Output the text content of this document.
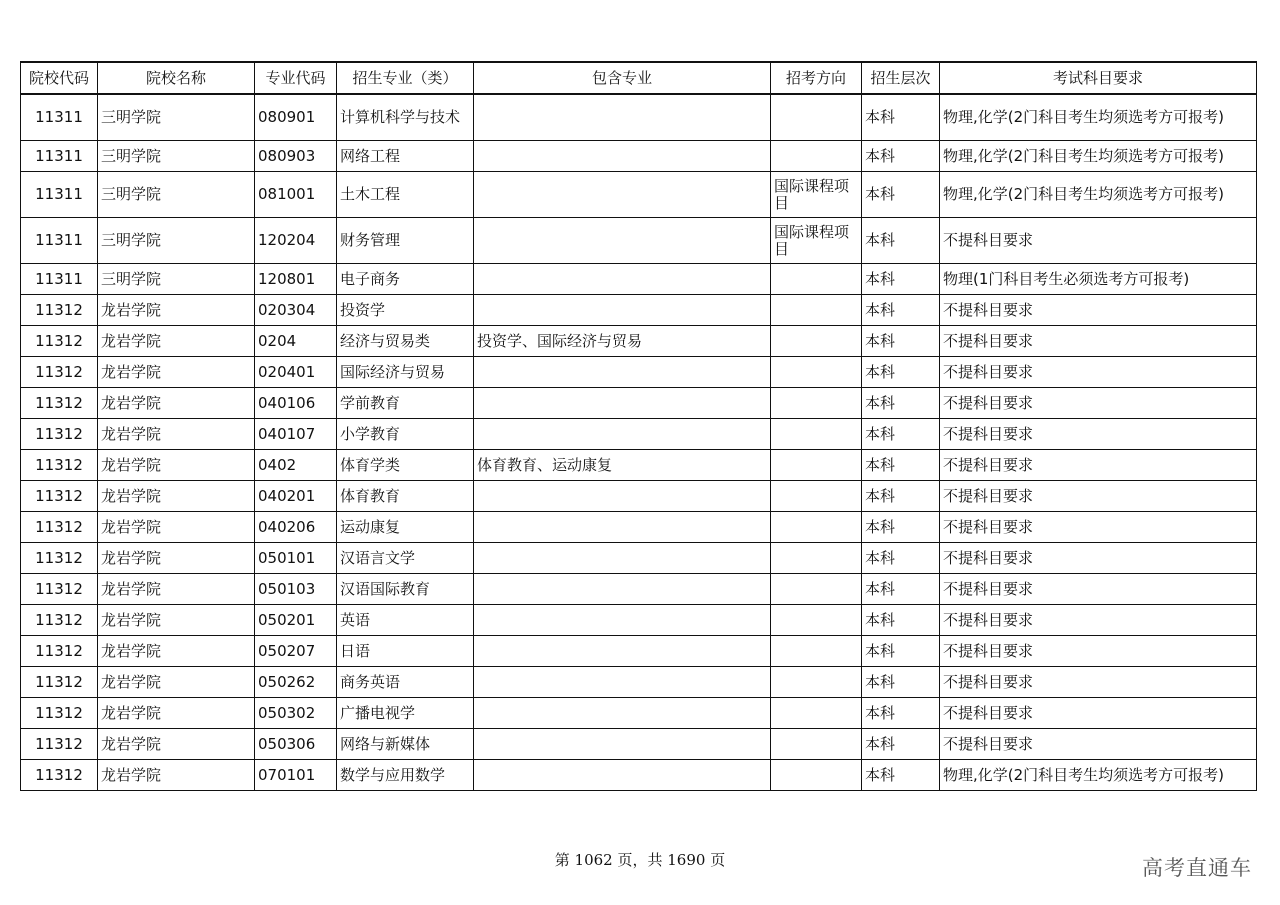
院校代码	院校名称	专业代码	招生专业（类）	包含专业	招考方向	招生层次	考试科目要求
11311	三明学院	080901	计算机科学与技术			本科	物理,化学(2门科目考生均须选考方可报考)
11311	三明学院	080903	网络工程			本科	物理,化学(2门科目考生均须选考方可报考)
11311	三明学院	081001	土木工程		国际课程项目	本科	物理,化学(2门科目考生均须选考方可报考)
11311	三明学院	120204	财务管理		国际课程项目	本科	不提科目要求
11311	三明学院	120801	电子商务			本科	物理(1门科目考生必须选考方可报考)
11312	龙岩学院	020304	投资学			本科	不提科目要求
11312	龙岩学院	0204	经济与贸易类	投资学、国际经济与贸易		本科	不提科目要求
11312	龙岩学院	020401	国际经济与贸易			本科	不提科目要求
11312	龙岩学院	040106	学前教育			本科	不提科目要求
11312	龙岩学院	040107	小学教育			本科	不提科目要求
11312	龙岩学院	0402	体育学类	体育教育、运动康复		本科	不提科目要求
11312	龙岩学院	040201	体育教育			本科	不提科目要求
11312	龙岩学院	040206	运动康复			本科	不提科目要求
11312	龙岩学院	050101	汉语言文学			本科	不提科目要求
11312	龙岩学院	050103	汉语国际教育			本科	不提科目要求
11312	龙岩学院	050201	英语			本科	不提科目要求
11312	龙岩学院	050207	日语			本科	不提科目要求
11312	龙岩学院	050262	商务英语			本科	不提科目要求
11312	龙岩学院	050302	广播电视学			本科	不提科目要求
11312	龙岩学院	050306	网络与新媒体			本科	不提科目要求
11312	龙岩学院	070101	数学与应用数学			本科	物理,化学(2门科目考生均须选考方可报考)
第 1062 页，共 1690 页	高考直通车
